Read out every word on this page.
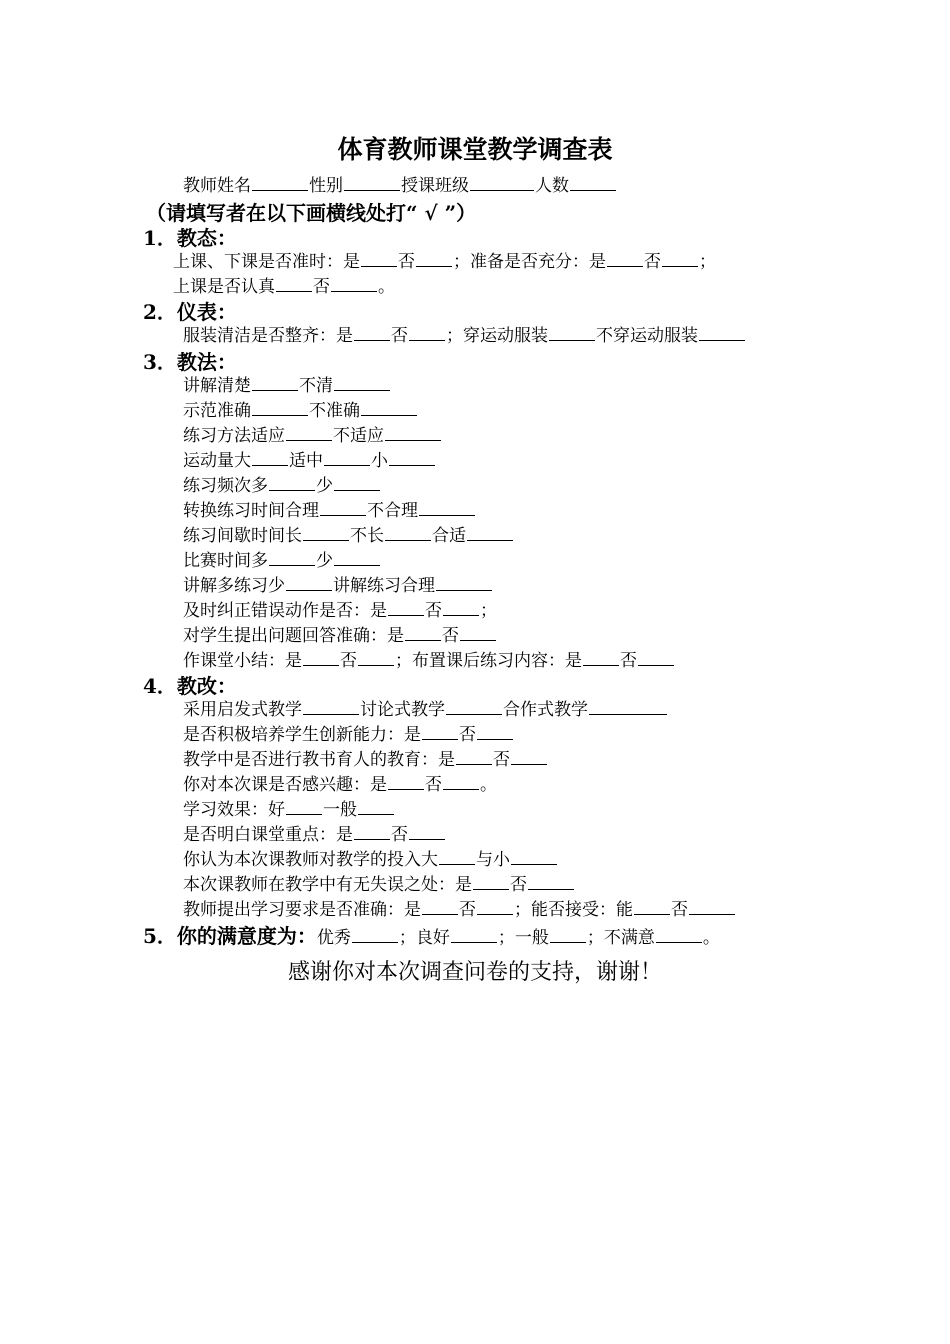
体育教师课堂教学调查表
教师姓名	性别	授课班级	人数
（请填写者在以下画横线处打“ √ ”）
1．教态：
上课、下课是否准时：是 否 ；准备是否充分：是 否 ；
上课是否认真 否	。
2．仪表：
服装清洁是否整齐：是 否 ；穿运动服装	不穿运动服装
3．教法：
讲解清楚	不清
示范准确	不准确
练习方法适应	不适应
运动量大 适中	小
练习频次多	少
转换练习时间合理	不合理
练习间歇时间长	不长	合适
比赛时间多	少
讲解多练习少	讲解练习合理
及时纠正错误动作是否：是 否 ；
对学生提出问题回答准确：是 否
作课堂小结：是 否 ；布置课后练习内容：是 否
4．教改：
采用启发式教学	讨论式教学	合作式教学
是否积极培养学生创新能力：是 否
教学中是否进行教书育人的教育：是 否
你对本次课是否感兴趣：是 否 。
学习效果：好 一般
是否明白课堂重点：是 否
你认为本次课教师对教学的投入大 与小
本次课教师在教学中有无失误之处：是 否
教师提出学习要求是否准确：是 否 ；能否接受：能 否
5．你的满意度为：优秀	；良好	；一般 ；不满意	。
感谢你对本次调查问卷的支持，谢谢！
